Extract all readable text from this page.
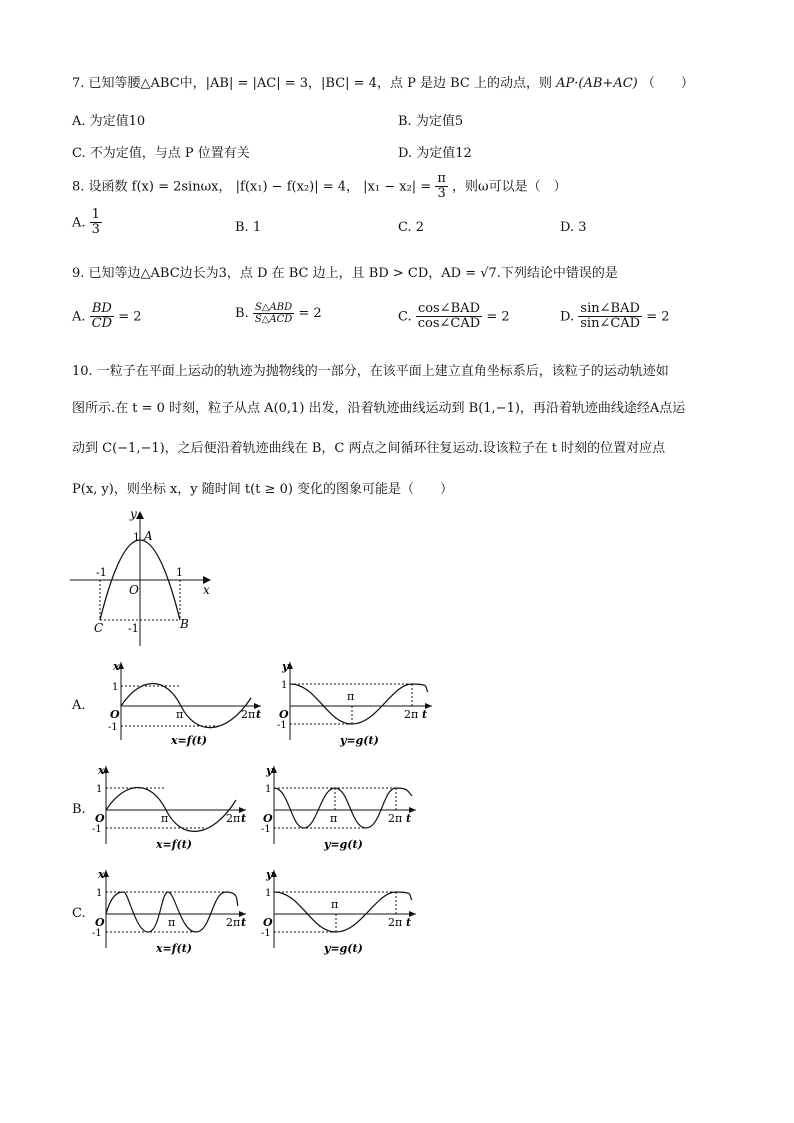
7. 已知等腰△ABC中，|AB| = |AC| = 3，|BC| = 4，点 P 是边 BC 上的动点，则 AP·(AB+AC) （　　）
A. 为定值10	B. 为定值5
C. 不为定值，与点 P 位置有关	D. 为定值12
8. 设函数 f(x) = 2sinωx， |f(x₁) − f(x₂)| = 4， $|x_1 - x_2| = \frac{\pi}{3}$ ，则ω可以是（　）
A. $\frac{1}{3}$	B. 1	C. 2	D. 3
9. 已知等边△ABC边长为3，点 D 在 BC 边上，且 BD > CD，AD = √7.下列结论中错误的是
A. $\frac{BD}{CD} = 2$	B. $\frac{\text{S△ABD}}{\text{S△ACD}} = 2$	C. $\frac{\text{cos∠BAD}}{\text{cos∠CAD}} = 2$	D. $\frac{\text{sin∠BAD}}{\text{sin∠CAD}} = 2$
10. 一粒子在平面上运动的轨迹为抛物线的一部分，在该平面上建立直角坐标系后，该粒子的运动轨迹如
图所示.在 t = 0 时刻，粒子从点 A(0,1) 出发，沿着轨迹曲线运动到 B(1,−1)，再沿着轨迹曲线途经A点运
动到 C(−1,−1)，之后便沿着轨迹曲线在 B，C 两点之间循环往复运动.设该粒子在 t 时刻的位置对应点
P(x, y)，则坐标 x，y 随时间 t(t ≥ 0) 变化的图象可能是（　　）
y
x
O
1 A
-1	1
-1
C	B
A.
B.
C.
x
1
-1
O	π	2π t
x=f(t)
y
1
-1
O
π
2π t
y=g(t)
x
1
-1
O	π	2π t
x=f(t)
y
1
-1
O	π	2π t
y=g(t)
x
1
-1
O	π	2π t
x=f(t)
y
1
-1
O
π
2π t
y=g(t)
